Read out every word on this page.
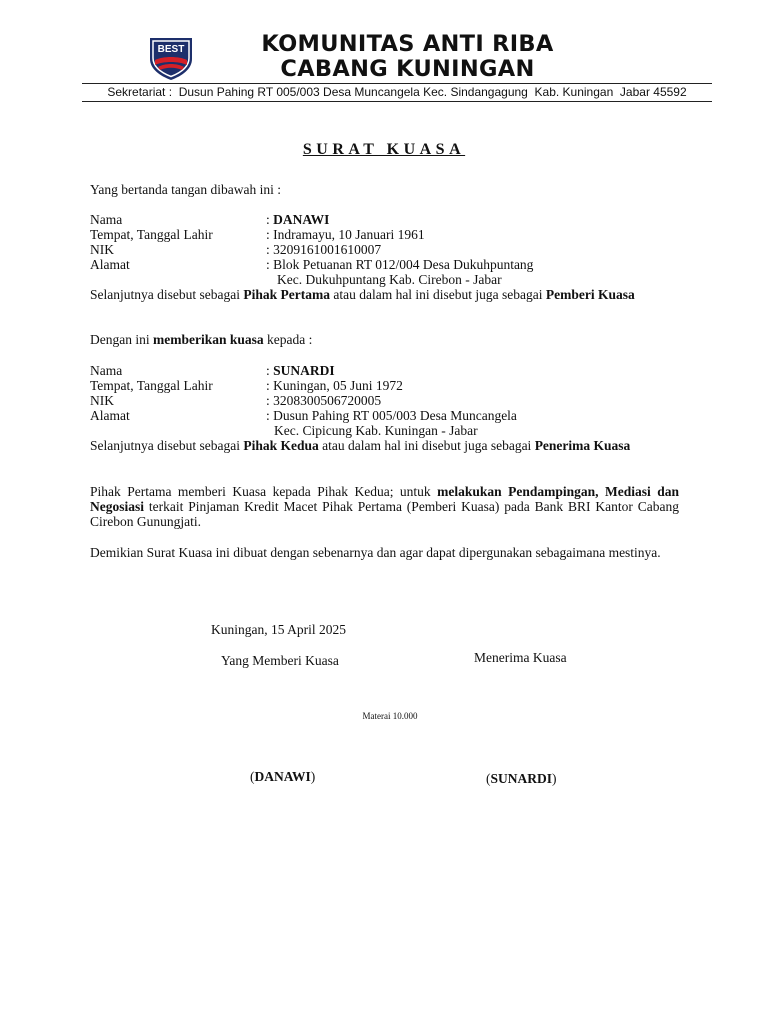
BEST	KOMUNITAS ANTI RIBA
CABANG KUNINGAN
Sekretariat :  Dusun Pahing RT 005/003 Desa Muncangela Kec. Sindangagung  Kab. Kuningan  Jabar 45592
SURAT KUASA
Yang bertanda tangan dibawah ini :
Nama	: DANAWI
Tempat, Tanggal Lahir	: Indramayu, 10 Januari 1961
NIK	: 3209161001610007
Alamat	: Blok Petuanan RT 012/004 Desa Dukuhpuntang
Kec. Dukuhpuntang Kab. Cirebon - Jabar
Selanjutnya disebut sebagai Pihak Pertama atau dalam hal ini disebut juga sebagai Pemberi Kuasa
Dengan ini memberikan kuasa kepada :
Nama	: SUNARDI
Tempat, Tanggal Lahir	: Kuningan, 05 Juni 1972
NIK	: 3208300506720005
Alamat	: Dusun Pahing RT 005/003 Desa Muncangela
Kec. Cipicung Kab. Kuningan - Jabar
Selanjutnya disebut sebagai Pihak Kedua atau dalam hal ini disebut juga sebagai Penerima Kuasa
Pihak Pertama memberi Kuasa kepada Pihak Kedua; untuk melakukan Pendampingan, Mediasi dan Negosiasi terkait Pinjaman Kredit Macet Pihak Pertama (Pemberi Kuasa) pada Bank BRI Kantor Cabang Cirebon Gunungjati.
Demikian Surat Kuasa ini dibuat dengan sebenarnya dan agar dapat dipergunakan sebagaimana mestinya.
Kuningan, 15 April 2025
Yang Memberi Kuasa	Menerima Kuasa
Materai 10.000
(DANAWI)	(SUNARDI)
